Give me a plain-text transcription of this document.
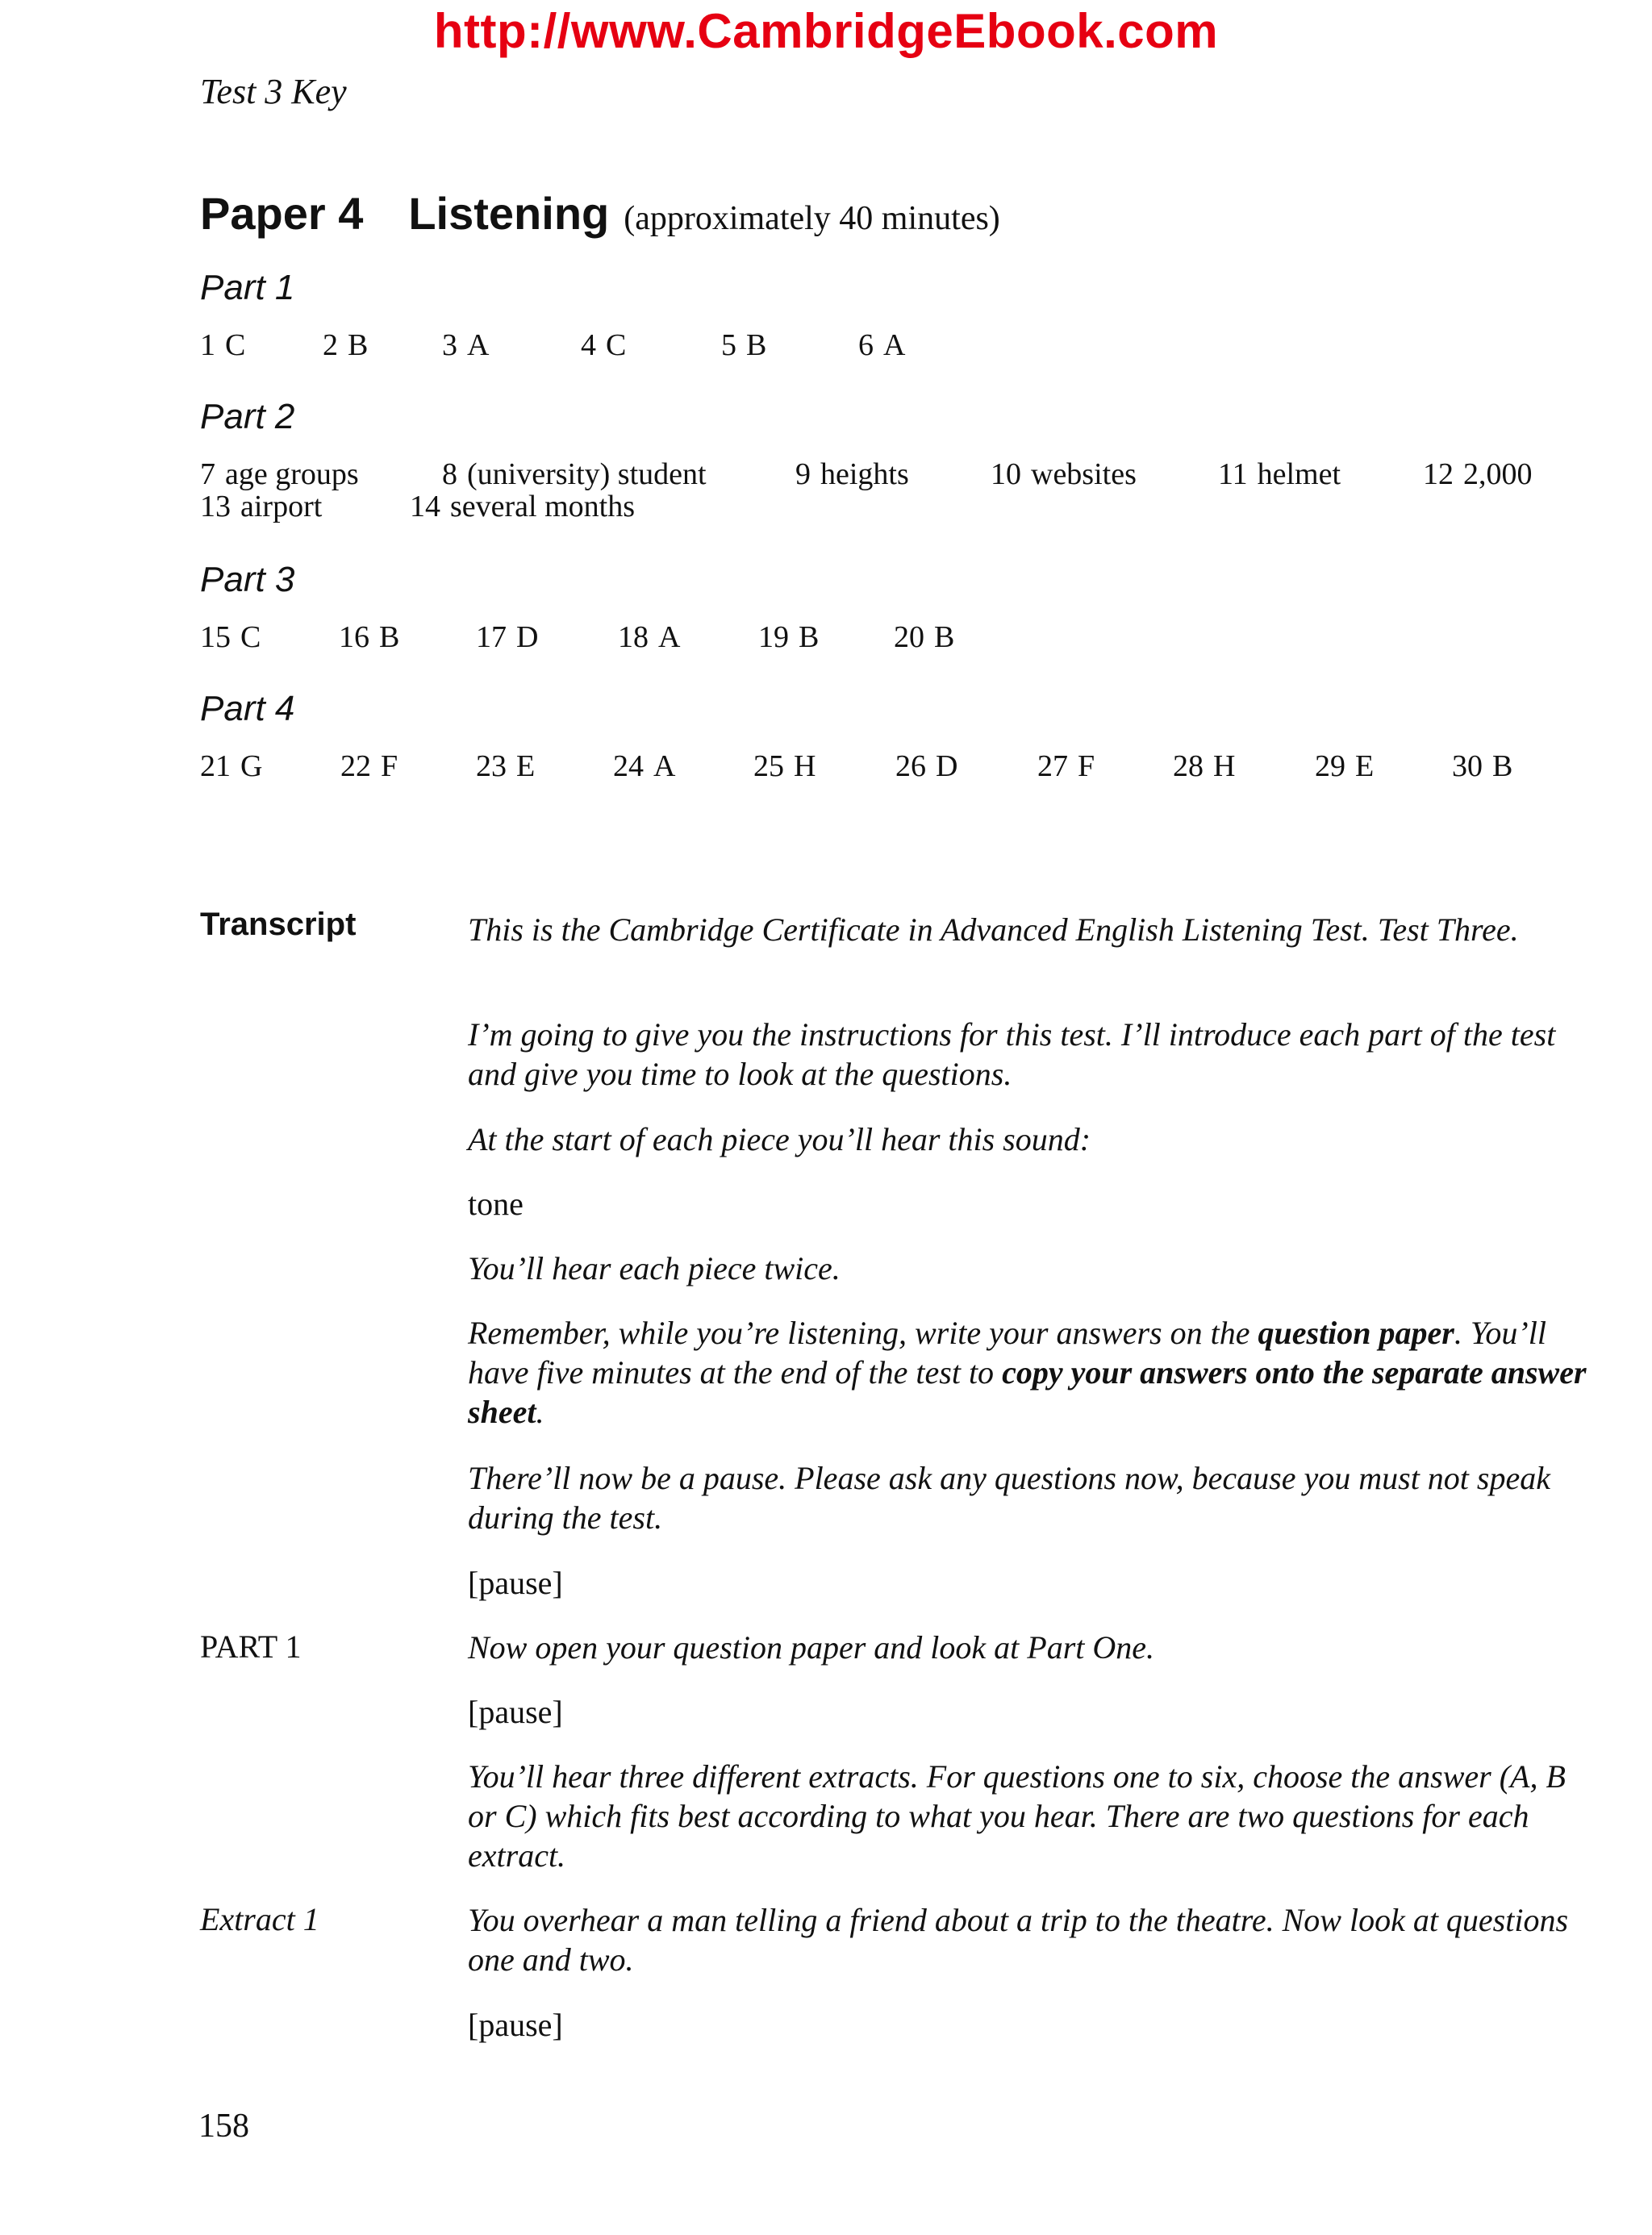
http://www.CambridgeEbook.com
Test 3 Key
Paper 4 Listening (approximately 40 minutes)
Part 1
1 C	2 B 3 A	4 C	5 B	6 A
Part 2
7 age groups	8 (university) student	9 heights	10 websites	11 helmet	12 2,000
13 airport	14 several months
Part 3
15 C	16 B 17 D	18 A	19 B 20 B
Part 4
21 G	22 F	23 E	24 A	25 H	26 D	27 F	28 H	29 E	30 B
Transcript	This is the Cambridge Certificate in Advanced English Listening Test. Test Three.
I’m going to give you the instructions for this test. I’ll introduce each part of the test and give you time to look at the questions.
At the start of each piece you’ll hear this sound:
tone
You’ll hear each piece twice.
Remember, while you’re listening, write your answers on the question paper. You’ll have five minutes at the end of the test to copy your answers onto the separate answer sheet.
There’ll now be a pause. Please ask any questions now, because you must not speak during the test.
[pause]
PART 1	Now open your question paper and look at Part One.
[pause]
You’ll hear three different extracts. For questions one to six, choose the answer (A, B or C) which fits best according to what you hear. There are two questions for each extract.
Extract 1	You overhear a man telling a friend about a trip to the theatre. Now look at questions one and two.
[pause]
158
